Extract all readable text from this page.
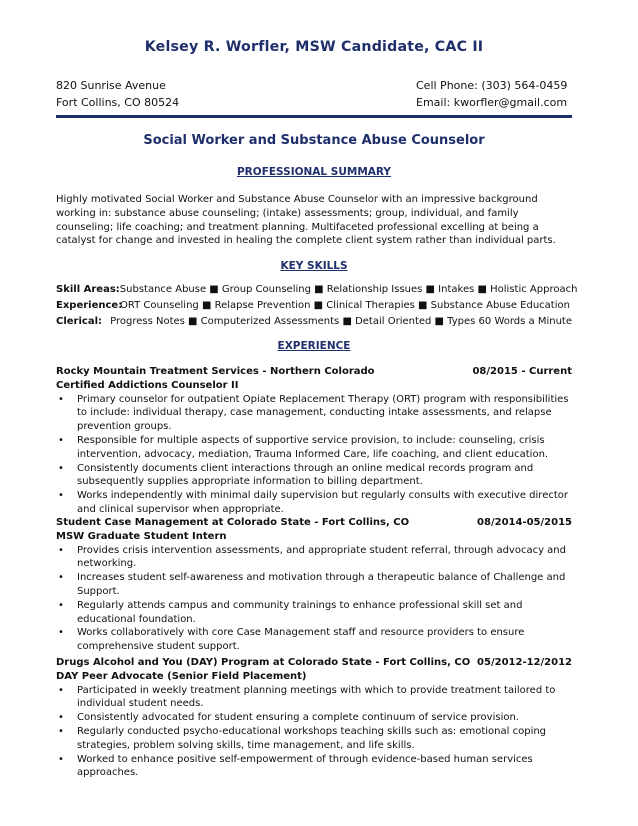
Kelsey R. Worfler, MSW Candidate, CAC II
820 Sunrise Avenue
Fort Collins, CO 80524
Cell Phone: (303) 564-0459
Email: kworfler@gmail.com
Social Worker and Substance Abuse Counselor
PROFESSIONAL SUMMARY
Highly motivated Social Worker and Substance Abuse Counselor with an impressive background working in: substance abuse counseling; (intake) assessments; group, individual, and family counseling; life coaching; and treatment planning. Multifaceted professional excelling at being a catalyst for change and invested in healing the complete client system rather than individual parts.
KEY SKILLS
Skill Areas: Substance Abuse ■ Group Counseling ■ Relationship Issues ■ Intakes ■ Holistic Approach
Experience:
ORT Counseling ■ Relapse Prevention ■ Clinical Therapies ■ Substance Abuse Education
Clerical: Progress Notes ■ Computerized Assessments ■ Detail Oriented ■ Types 60 Words a Minute
EXPERIENCE
Rocky Mountain Treatment Services - Northern Colorado	08/2015 - Current
Certified Addictions Counselor II
• Primary counselor for outpatient Opiate Replacement Therapy (ORT) program with responsibilities to include: individual therapy, case management, conducting intake assessments, and relapse prevention groups.
• Responsible for multiple aspects of supportive service provision, to include: counseling, crisis intervention, advocacy, mediation, Trauma Informed Care, life coaching, and client education.
• Consistently documents client interactions through an online medical records program and subsequently supplies appropriate information to billing department.
• Works independently with minimal daily supervision but regularly consults with executive director and clinical supervisor when appropriate.
Student Case Management at Colorado State - Fort Collins, CO	08/2014-05/2015
MSW Graduate Student Intern
• Provides crisis intervention assessments, and appropriate student referral, through advocacy and networking.
• Increases student self-awareness and motivation through a therapeutic balance of Challenge and Support.
• Regularly attends campus and community trainings to enhance professional skill set and educational foundation.
• Works collaboratively with core Case Management staff and resource providers to ensure comprehensive student support.
Drugs Alcohol and You (DAY) Program at Colorado State - Fort Collins, CO 05/2012-12/2012
DAY Peer Advocate (Senior Field Placement)
• Participated in weekly treatment planning meetings with which to provide treatment tailored to individual student needs.
• Consistently advocated for student ensuring a complete continuum of service provision.
• Regularly conducted psycho-educational workshops teaching skills such as: emotional coping strategies, problem solving skills, time management, and life skills.
• Worked to enhance positive self-empowerment of through evidence-based human services approaches.
